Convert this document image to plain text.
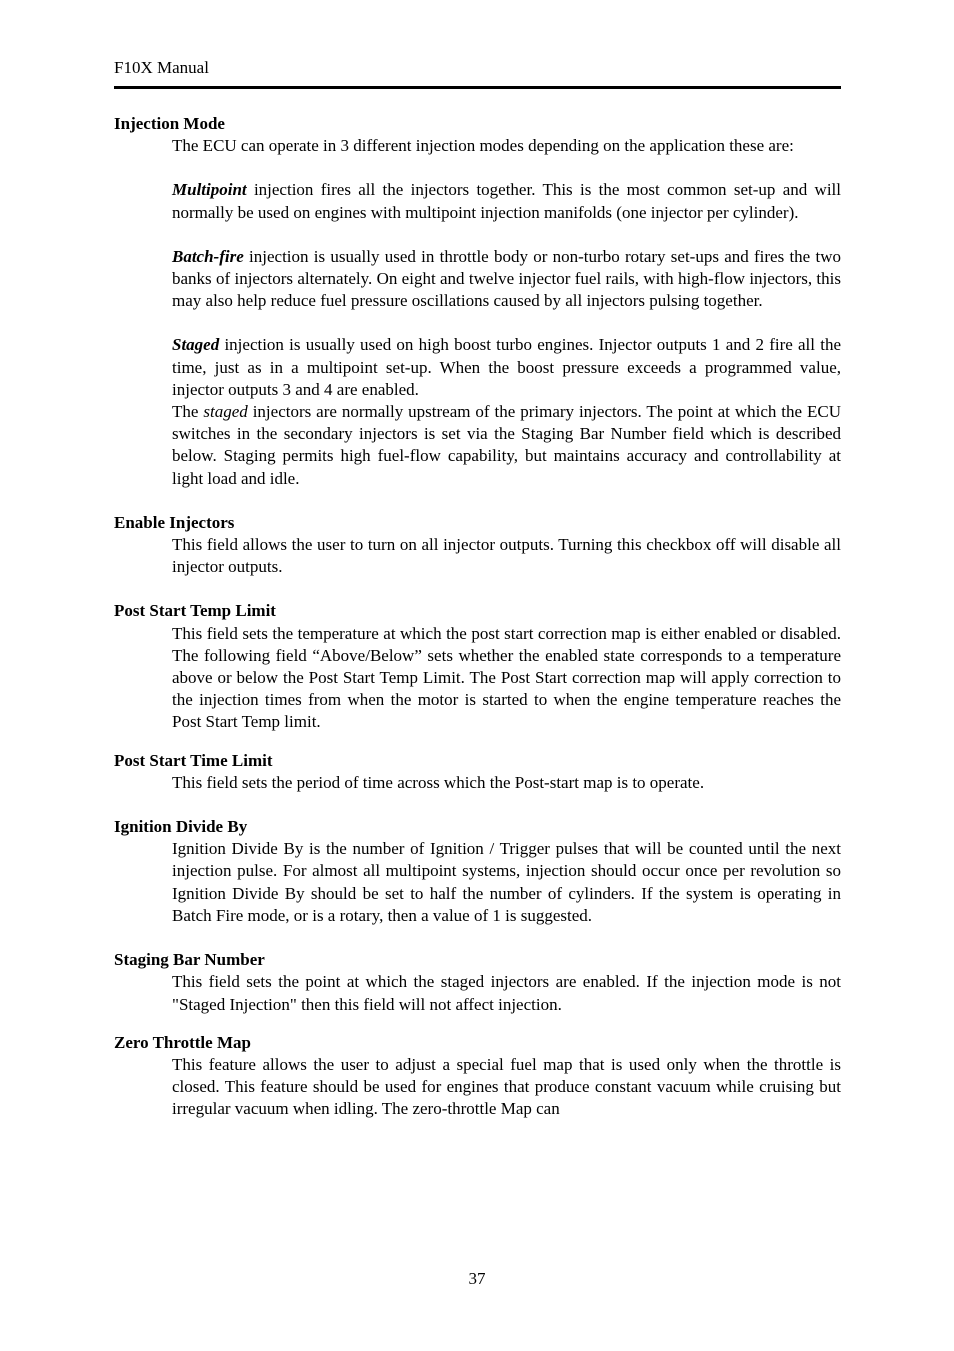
F10X Manual

Injection Mode

The ECU can operate in 3 different injection modes depending on the application these are:

Multipoint injection fires all the injectors together. This is the most common set-up and will normally be used on engines with multipoint injection manifolds (one injector per cylinder).

Batch-fire injection is usually used in throttle body or non-turbo rotary set-ups and fires the two banks of injectors alternately. On eight and twelve injector fuel rails, with high-flow injectors, this may also help reduce fuel pressure oscillations caused by all injectors pulsing together.

Staged injection is usually used on high boost turbo engines. Injector outputs 1 and 2 fire all the time, just as in a multipoint set-up. When the boost pressure exceeds a programmed value, injector outputs 3 and 4 are enabled.

The staged injectors are normally upstream of the primary injectors. The point at which the ECU switches in the secondary injectors is set via the Staging Bar Number field which is described below. Staging permits high fuel-flow capability, but maintains accuracy and controllability at light load and idle.

Enable Injectors

This field allows the user to turn on all injector outputs. Turning this checkbox off will disable all injector outputs.

Post Start Temp Limit

This field sets the temperature at which the post start correction map is either enabled or disabled. The following field “Above/Below” sets whether the enabled state corresponds to a temperature above or below the Post Start Temp Limit. The Post Start correction map will apply correction to the injection times from when the motor is started to when the engine temperature reaches the Post Start Temp limit.

Post Start Time Limit

This field sets the period of time across which the Post-start map is to operate.

Ignition Divide By

Ignition Divide By is the number of Ignition / Trigger pulses that will be counted until the next injection pulse. For almost all multipoint systems, injection should occur once per revolution so Ignition Divide By should be set to half the number of cylinders. If the system is operating in Batch Fire mode, or is a rotary, then a value of 1 is suggested.

Staging Bar Number

This field sets the point at which the staged injectors are enabled. If the injection mode is not "Staged Injection" then this field will not affect injection.

Zero Throttle Map

This feature allows the user to adjust a special fuel map that is used only when the throttle is closed. This feature should be used for engines that produce constant vacuum while cruising but irregular vacuum when idling. The zero-throttle Map can

37
